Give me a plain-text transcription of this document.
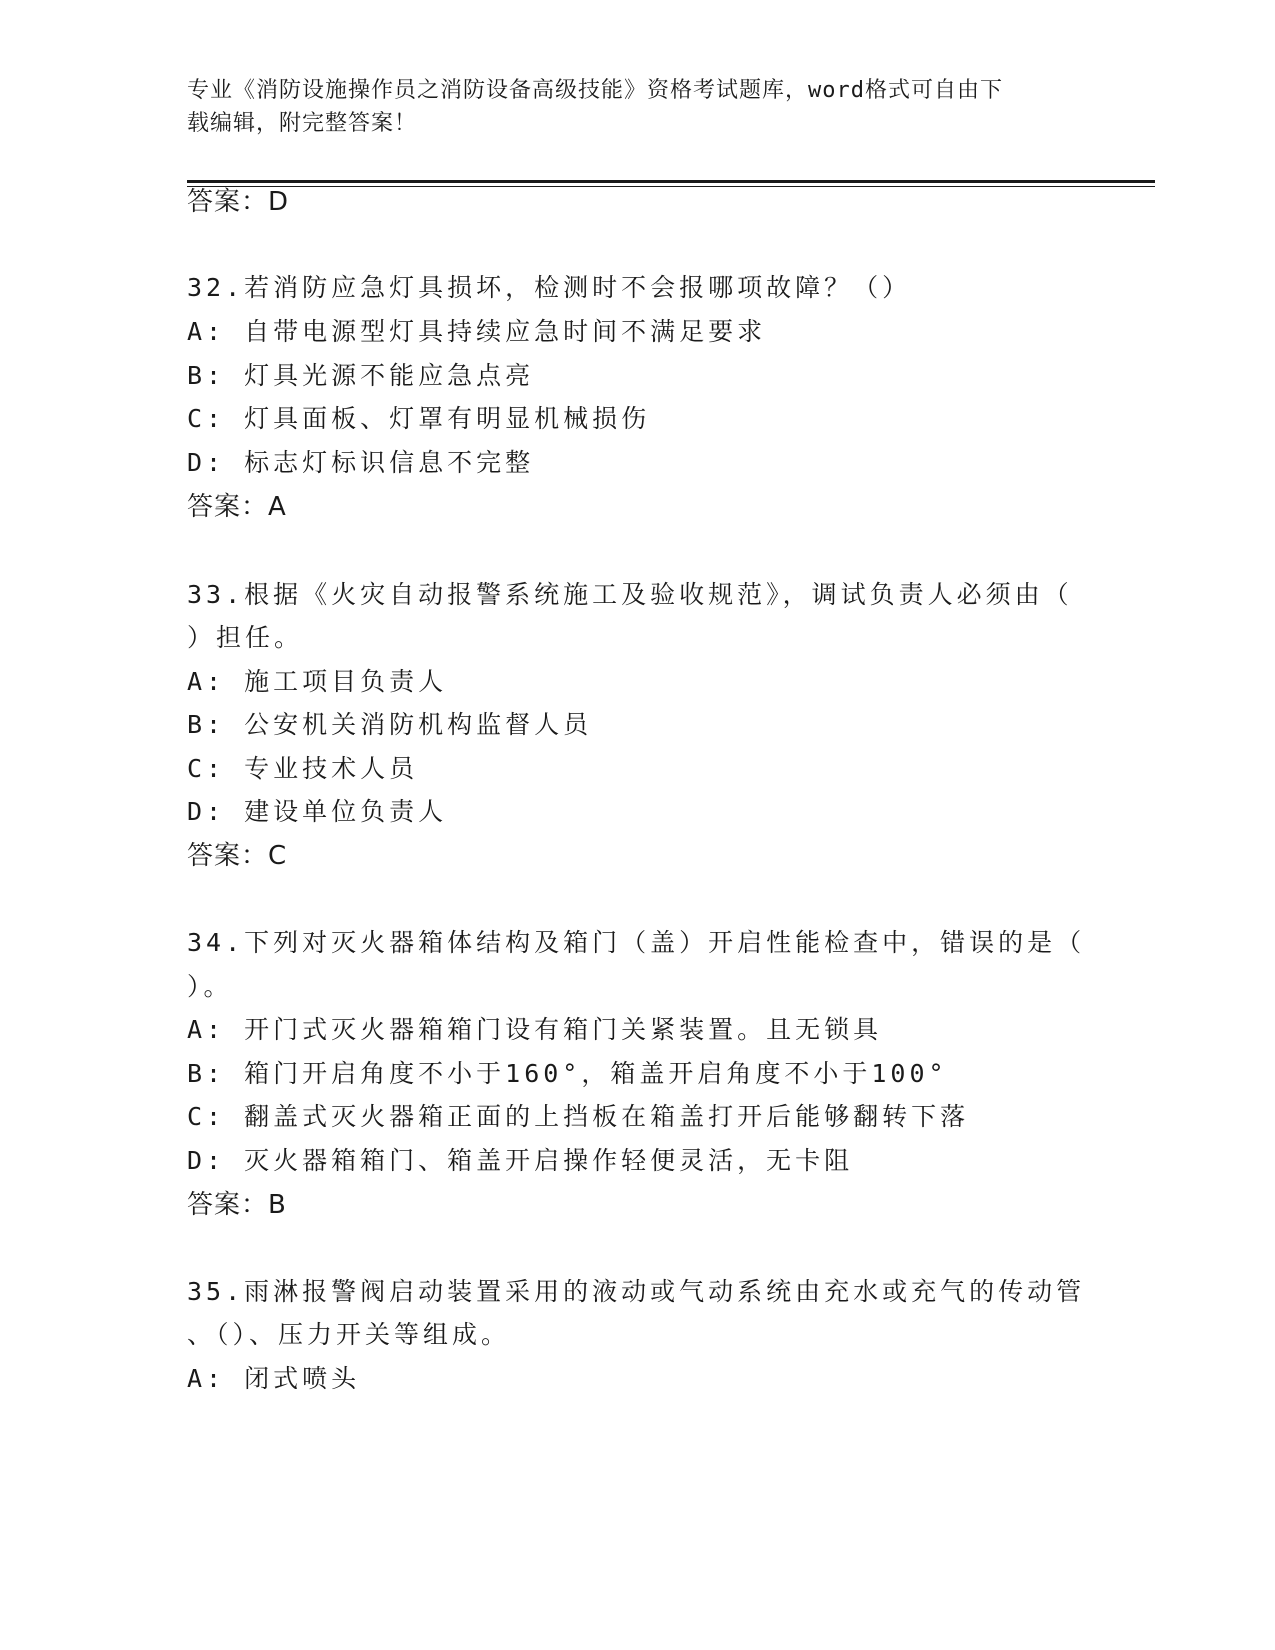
专业《消防设施操作员之消防设备高级技能》资格考试题库，word格式可自由下
载编辑，附完整答案！
答案：D
32.若消防应急灯具损坏，检测时不会报哪项故障？（）
A: 自带电源型灯具持续应急时间不满足要求
B: 灯具光源不能应急点亮
C: 灯具面板、灯罩有明显机械损伤
D: 标志灯标识信息不完整
答案：A
33.根据《火灾自动报警系统施工及验收规范》，调试负责人必须由（
）担任。
A: 施工项目负责人
B: 公安机关消防机构监督人员
C: 专业技术人员
D: 建设单位负责人
答案：C
34.下列对灭火器箱体结构及箱门（盖）开启性能检查中，错误的是（
）。
A: 开门式灭火器箱箱门设有箱门关紧装置。且无锁具
B: 箱门开启角度不小于160°，箱盖开启角度不小于100°
C: 翻盖式灭火器箱正面的上挡板在箱盖打开后能够翻转下落
D: 灭火器箱箱门、箱盖开启操作轻便灵活，无卡阻
答案：B
35.雨淋报警阀启动装置采用的液动或气动系统由充水或充气的传动管
、（）、压力开关等组成。
A: 闭式喷头
